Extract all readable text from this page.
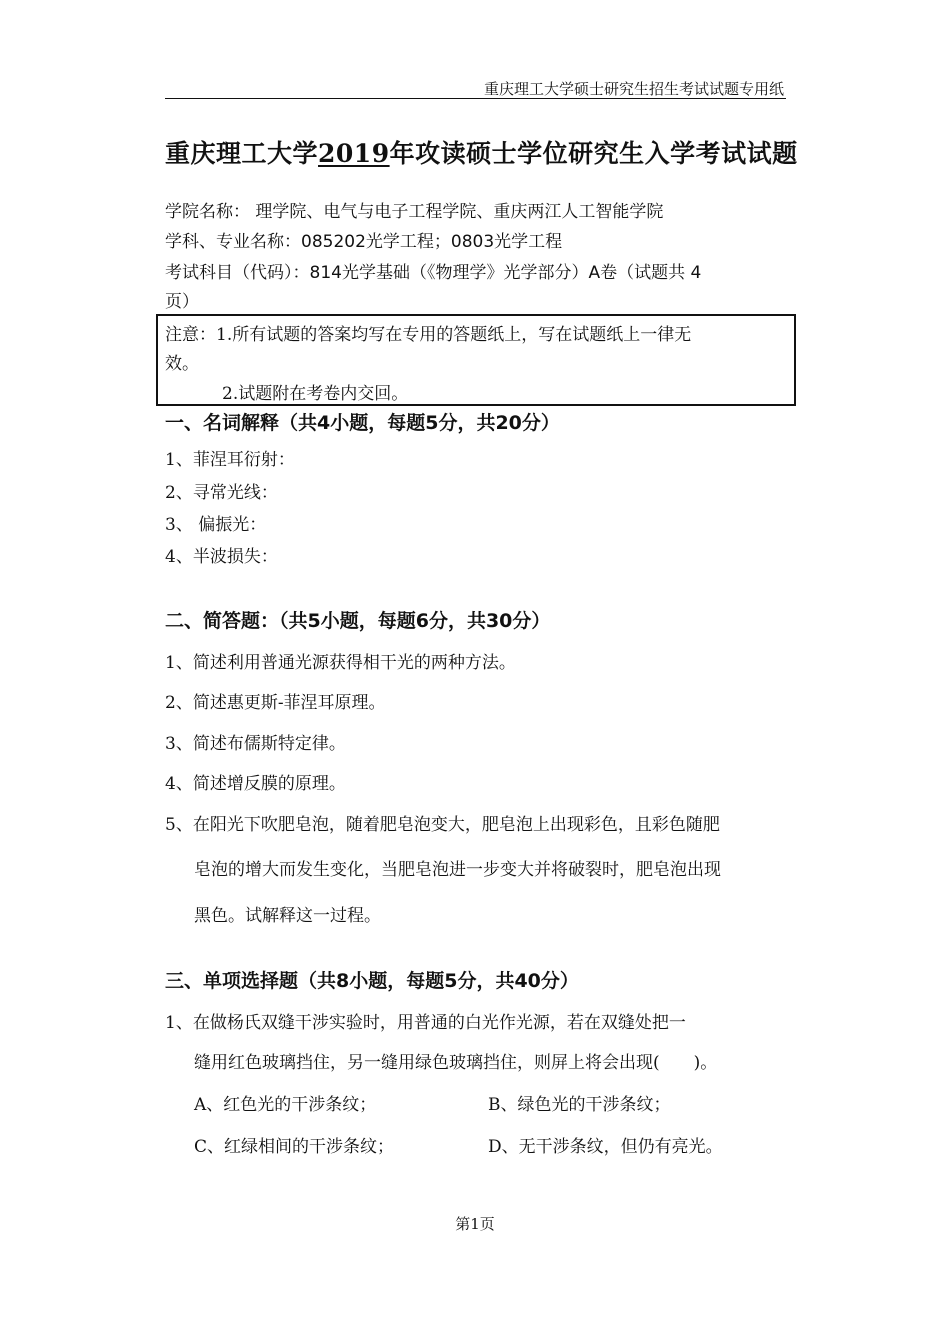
重庆理工大学硕士研究生招生考试试题专用纸
重庆理工大学2019年攻读硕士学位研究生入学考试试题
学院名称： 理学院、电气与电子工程学院、重庆两江人工智能学院
学科、专业名称：085202光学工程；0803光学工程
考试科目（代码）：814光学基础（《物理学》光学部分）A卷（试题共 4
页）
注意：1.所有试题的答案均写在专用的答题纸上，写在试题纸上一律无
效。
2.试题附在考卷内交回。
一、名词解释（共4小题，每题5分，共20分）
1、菲涅耳衍射：
2、寻常光线：
3、 偏振光：
4、半波损失：
二、简答题：（共5小题，每题6分，共30分）
1、简述利用普通光源获得相干光的两种方法。
2、简述惠更斯-菲涅耳原理。
3、简述布儒斯特定律。
4、简述增反膜的原理。
5、在阳光下吹肥皂泡，随着肥皂泡变大，肥皂泡上出现彩色，且彩色随肥
皂泡的增大而发生变化，当肥皂泡进一步变大并将破裂时，肥皂泡出现
黑色。试解释这一过程。
三、单项选择题（共8小题，每题5分，共40分）
1、在做杨氏双缝干涉实验时，用普通的白光作光源，若在双缝处把一
缝用红色玻璃挡住，另一缝用绿色玻璃挡住，则屏上将会出现(　　)。
A、红色光的干涉条纹；	B、绿色光的干涉条纹；
C、红绿相间的干涉条纹；	D、无干涉条纹，但仍有亮光。
第1页
